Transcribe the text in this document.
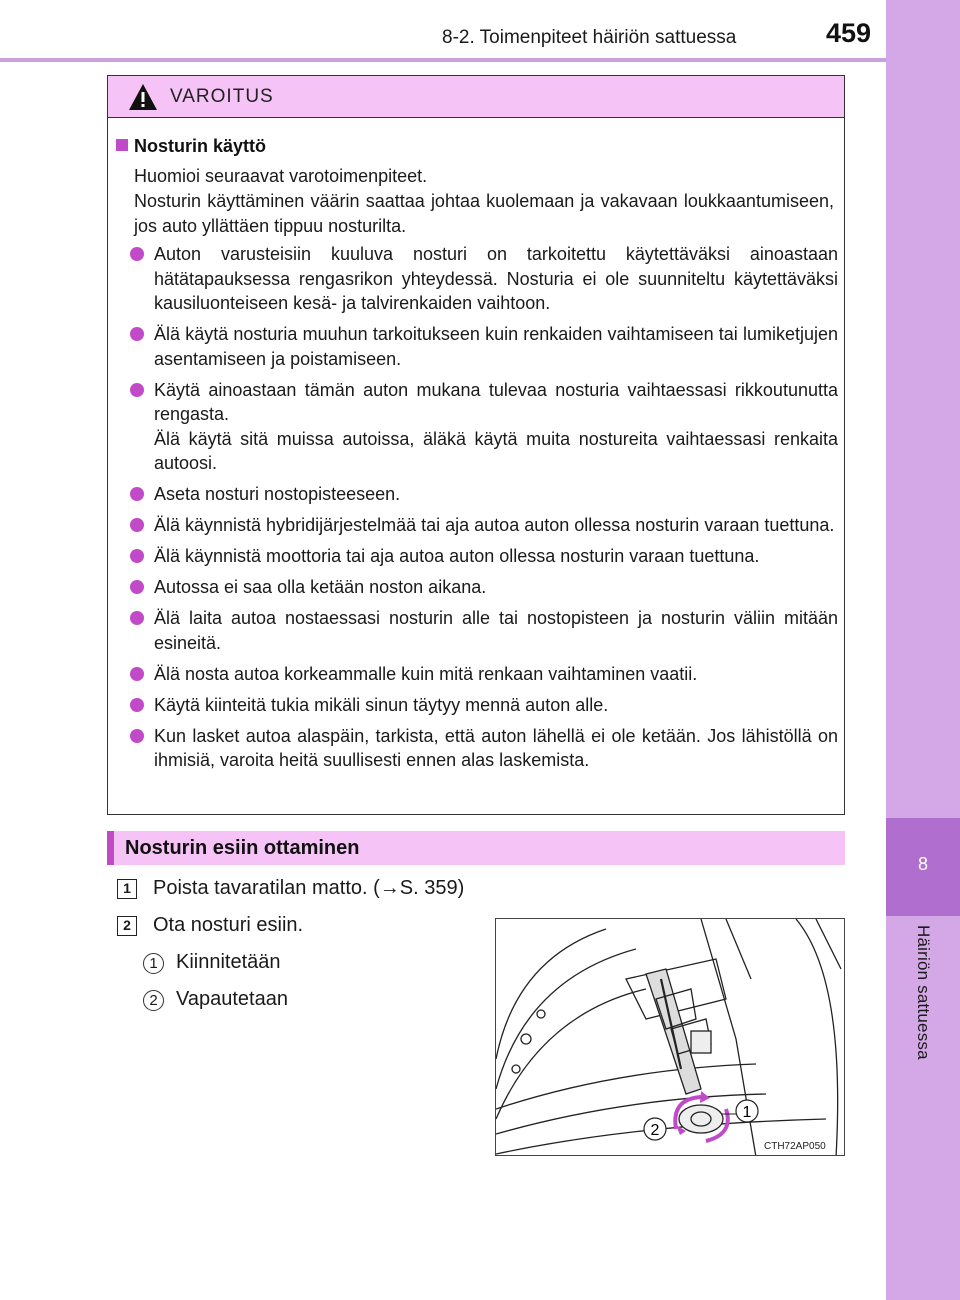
8-2. Toimenpiteet häiriön sattuessa	459
8
Häiriön sattuessa
VAROITUS
Nosturin käyttö
Huomioi seuraavat varotoimenpiteet.
Nosturin käyttäminen väärin saattaa johtaa kuolemaan ja vakavaan loukkaantumiseen, jos auto yllättäen tippuu nosturilta.
Auton varusteisiin kuuluva nosturi on tarkoitettu käytettäväksi ainoastaan hätätapauksessa rengasrikon yhteydessä. Nosturia ei ole suunniteltu käytettäväksi kausiluonteiseen kesä- ja talvirenkaiden vaihtoon.
Älä käytä nosturia muuhun tarkoitukseen kuin renkaiden vaihtamiseen tai lumiketjujen asentamiseen ja poistamiseen.
Käytä ainoastaan tämän auton mukana tulevaa nosturia vaihtaessasi rikkoutunutta rengasta.
Älä käytä sitä muissa autoissa, äläkä käytä muita nostureita vaihtaessasi renkaita autoosi.
Aseta nosturi nostopisteeseen.
Älä käynnistä hybridijärjestelmää tai aja autoa auton ollessa nosturin varaan tuettuna.
Älä käynnistä moottoria tai aja autoa auton ollessa nosturin varaan tuettuna.
Autossa ei saa olla ketään noston aikana.
Älä laita autoa nostaessasi nosturin alle tai nostopisteen ja nosturin väliin mitään esineitä.
Älä nosta autoa korkeammalle kuin mitä renkaan vaihtaminen vaatii.
Käytä kiinteitä tukia mikäli sinun täytyy mennä auton alle.
Kun lasket autoa alaspäin, tarkista, että auton lähellä ei ole ketään. Jos lähistöllä on ihmisiä, varoita heitä suullisesti ennen alas laskemista.
Nosturin esiin ottaminen
1	Poista tavaratilan matto. (→S. 359)
2	Ota nosturi esiin.
1 Kiinnitetään
2 Vapautetaan
1
2
CTH72AP050
